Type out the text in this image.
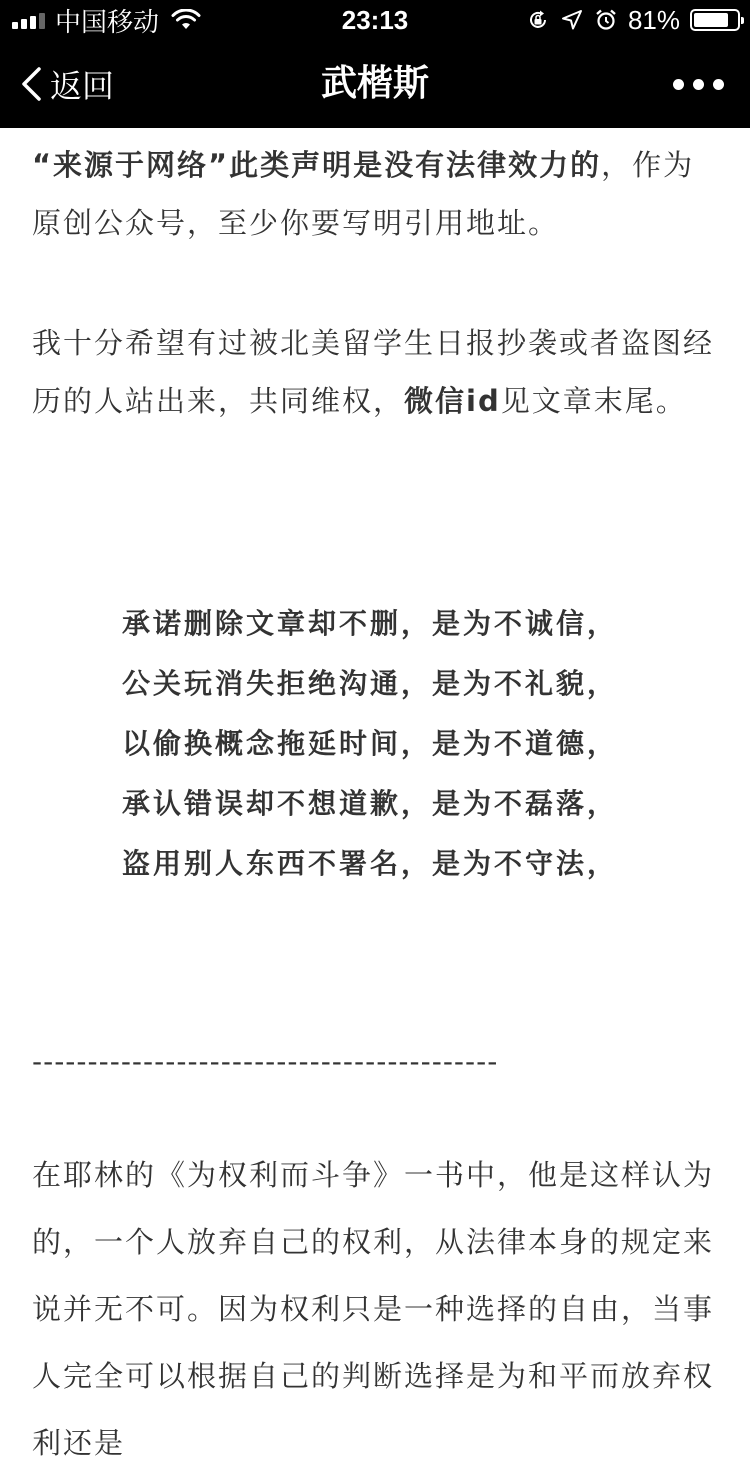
中国移动	23:13	81%
返回	武楷斯

“来源于网络”此类声明是没有法律效力的，作为原创公众号，至少你要写明引用地址。

我十分希望有过被北美留学生日报抄袭或者盗图经历的人站出来，共同维权，微信id见文章末尾。

承诺删除文章却不删，是为不诚信，
公关玩消失拒绝沟通，是为不礼貌，
以偷换概念拖延时间，是为不道德，
承认错误却不想道歉，是为不磊落，
盗用别人东西不署名，是为不守法，
------------------------------------------

在耶林的《为权利而斗争》一书中，他是这样认为的，一个人放弃自己的权利，从法律本身的规定来说并无不可。因为权利只是一种选择的自由，当事人完全可以根据自己的判断选择是为和平而放弃权利还是
